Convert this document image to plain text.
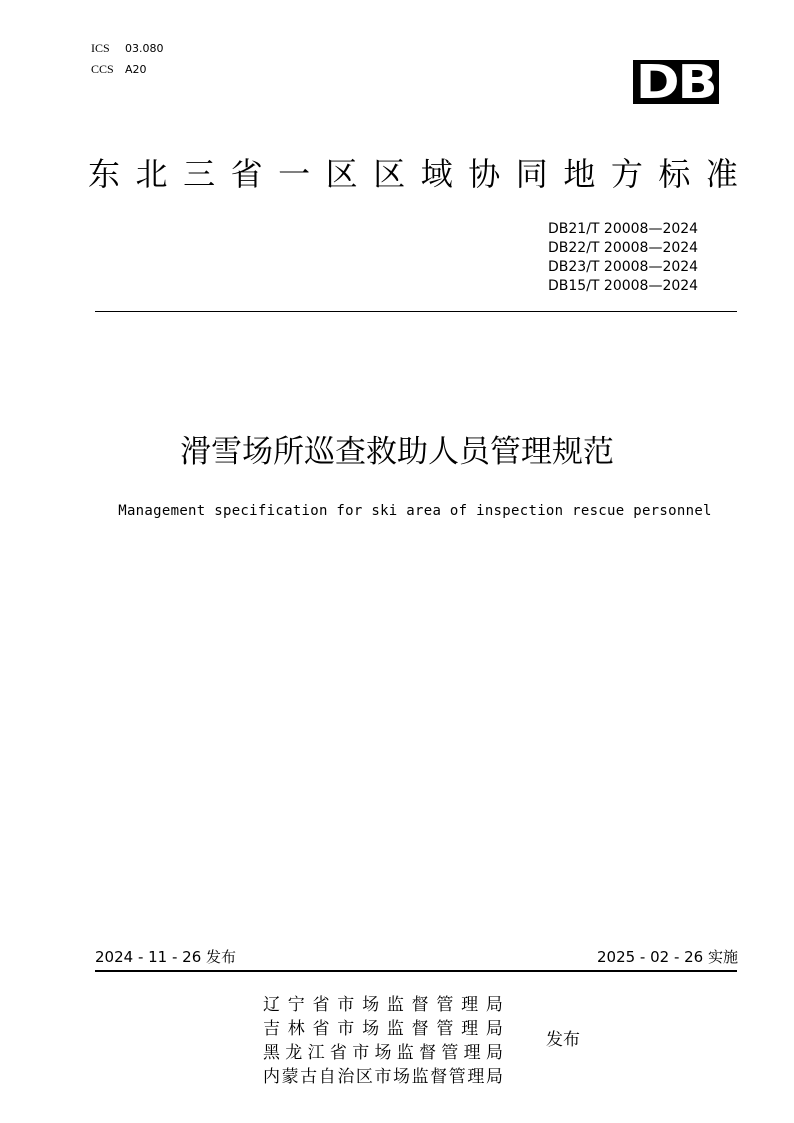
ICS 03.080
CCS A20	DB
东 北 三 省 一 区 区 域 协 同 地 方 标 准
DB21/T 20008—2024
DB22/T 20008—2024
DB23/T 20008—2024
DB15/T 20008—2024
滑雪场所巡查救助人员管理规范
Management specification for ski area of inspection rescue personnel
2024 - 11 - 26 发布	2025 - 02 - 26 实施
辽 宁 省 市 场 监 督 管 理 局
吉 林 省 市 场 监 督 管 理 局
黑 龙 江 省 市 场 监 督 管 理 局
内 蒙 古 自 治 区 市 场 监 督 管 理 局
发布
